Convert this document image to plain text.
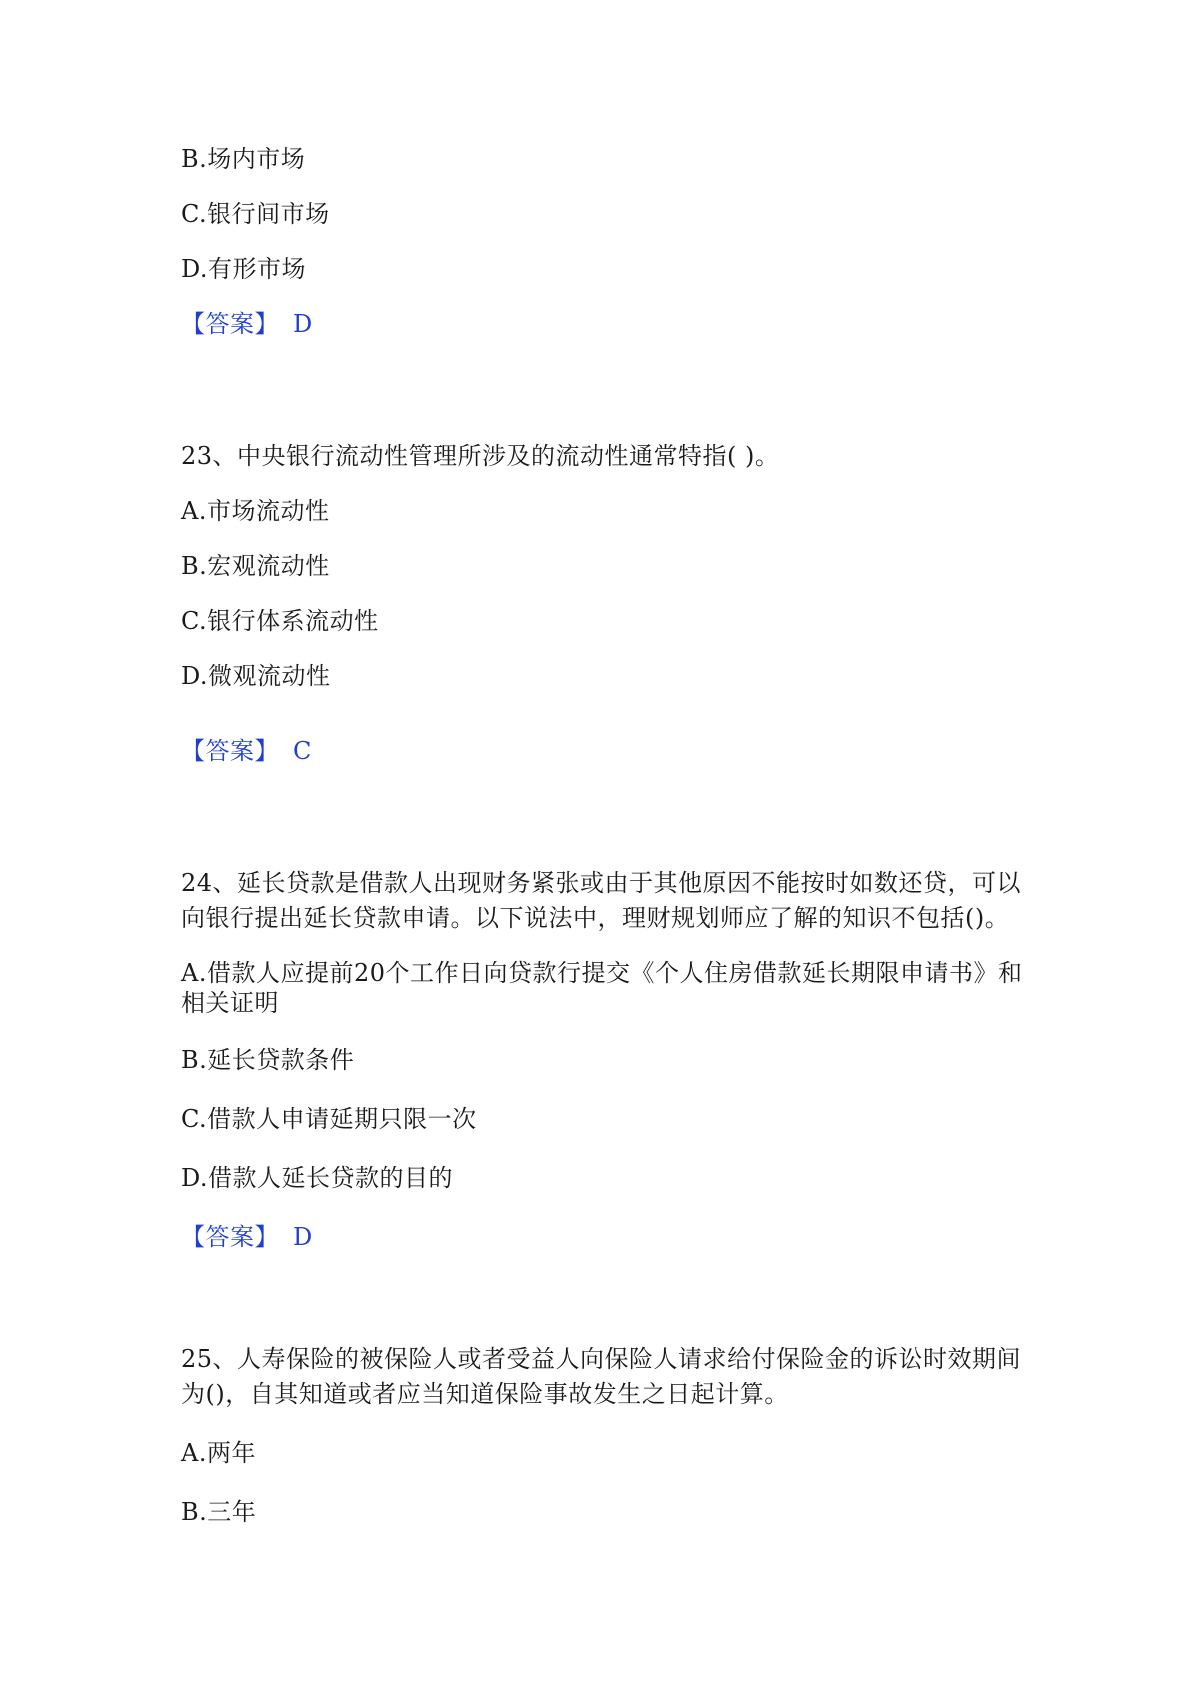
B.场内市场
C.银行间市场
D.有形市场
【答案】 D
23、中央银行流动性管理所涉及的流动性通常特指( )。
A.市场流动性
B.宏观流动性
C.银行体系流动性
D.微观流动性
【答案】 C
24、延长贷款是借款人出现财务紧张或由于其他原因不能按时如数还贷，可以
向银行提出延长贷款申请。以下说法中，理财规划师应了解的知识不包括()。
A.借款人应提前20个工作日向贷款行提交《个人住房借款延长期限申请书》和
相关证明
B.延长贷款条件
C.借款人申请延期只限一次
D.借款人延长贷款的目的
【答案】 D
25、人寿保险的被保险人或者受益人向保险人请求给付保险金的诉讼时效期间
为()，自其知道或者应当知道保险事故发生之日起计算。
A.两年
B.三年
